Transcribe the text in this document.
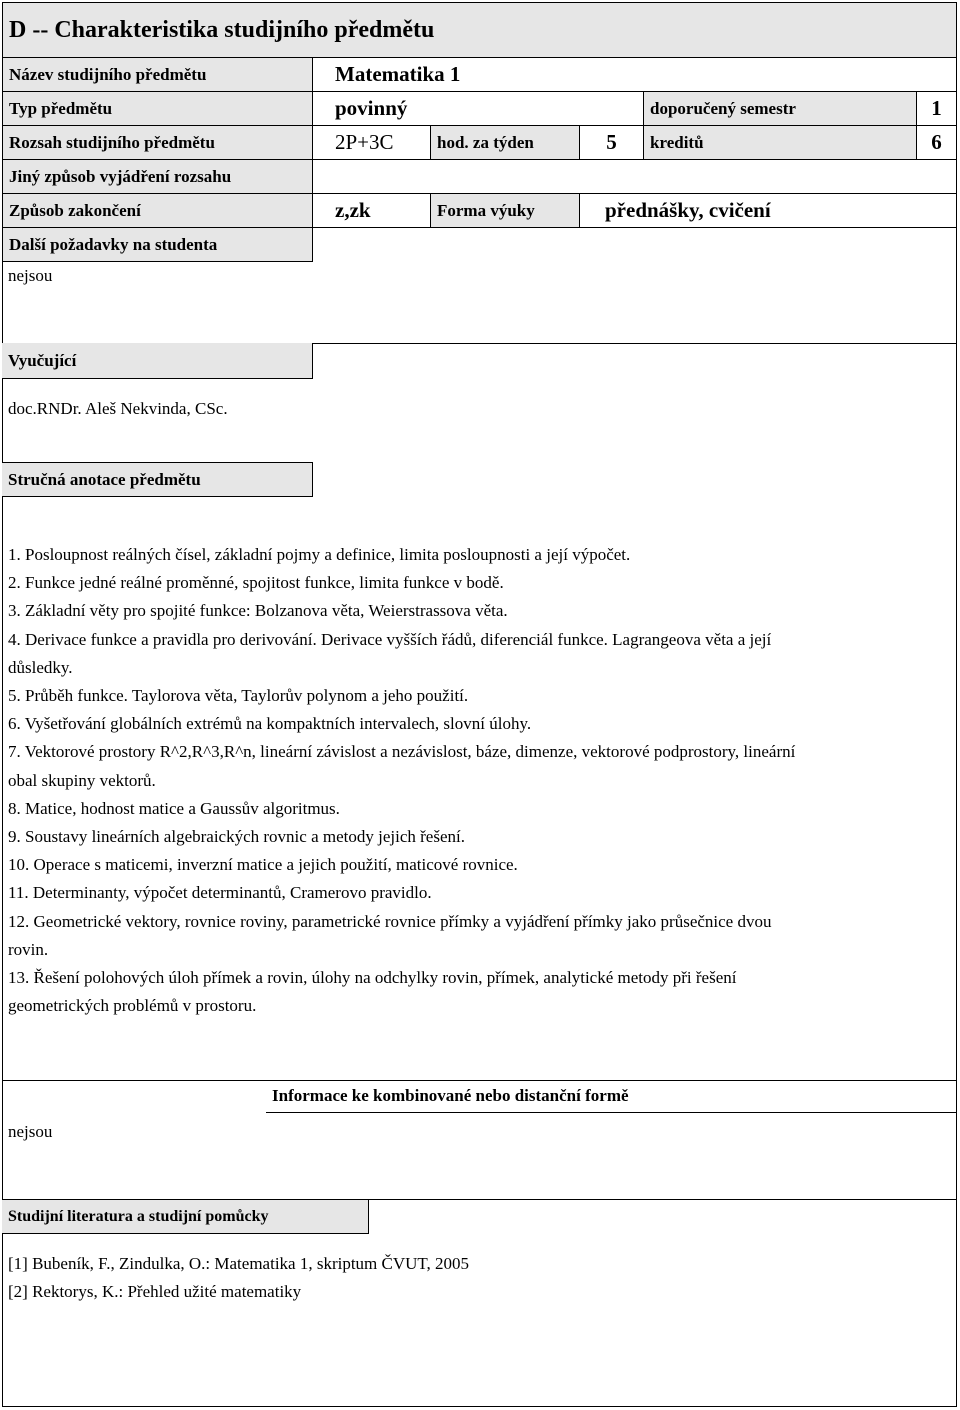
D -- Charakteristika studijního předmětu
Název studijního předmětu	Matematika 1
Typ předmětu	povinný	doporučený semestr	1
Rozsah studijního předmětu	2P+3C	hod. za týden	5	kreditů	6
Jiný způsob vyjádření rozsahu
Způsob zakončení	z,zk	Forma výuky	přednášky, cvičení
Další požadavky na studenta
nejsou
Vyučující
doc.RNDr. Aleš Nekvinda, CSc.
Stručná anotace předmětu

1. Posloupnost reálných čísel, základní pojmy a definice, limita posloupnosti a její výpočet.

2. Funkce jedné reálné proměnné, spojitost funkce, limita funkce v bodě.

3. Základní věty pro spojité funkce: Bolzanova věta, Weierstrassova věta.

4. Derivace funkce a pravidla pro derivování. Derivace vyšších řádů, diferenciál funkce. Lagrangeova věta a její

důsledky.

5. Průběh funkce. Taylorova věta, Taylorův polynom a jeho použití.

6. Vyšetřování globálních extrémů na kompaktních intervalech, slovní úlohy.

7. Vektorové prostory R^2,R^3,R^n, lineární závislost a nezávislost, báze, dimenze, vektorové podprostory, lineární

obal skupiny vektorů.

8. Matice, hodnost matice a Gaussův algoritmus.

9. Soustavy lineárních algebraických rovnic a metody jejich řešení.

10. Operace s maticemi, inverzní matice a jejich použití, maticové rovnice.

11. Determinanty, výpočet determinantů, Cramerovo pravidlo.

12. Geometrické vektory, rovnice roviny, parametrické rovnice přímky a vyjádření přímky jako průsečnice dvou

rovin.

13. Řešení polohových úloh přímek a rovin, úlohy na odchylky rovin, přímek, analytické metody při řešení

geometrických problémů v prostoru.

Informace ke kombinované nebo distanční formě
nejsou
Studijní literatura a studijní pomůcky

[1] Bubeník, F., Zindulka, O.: Matematika 1, skriptum ČVUT, 2005

[2] Rektorys, K.: Přehled užité matematiky
